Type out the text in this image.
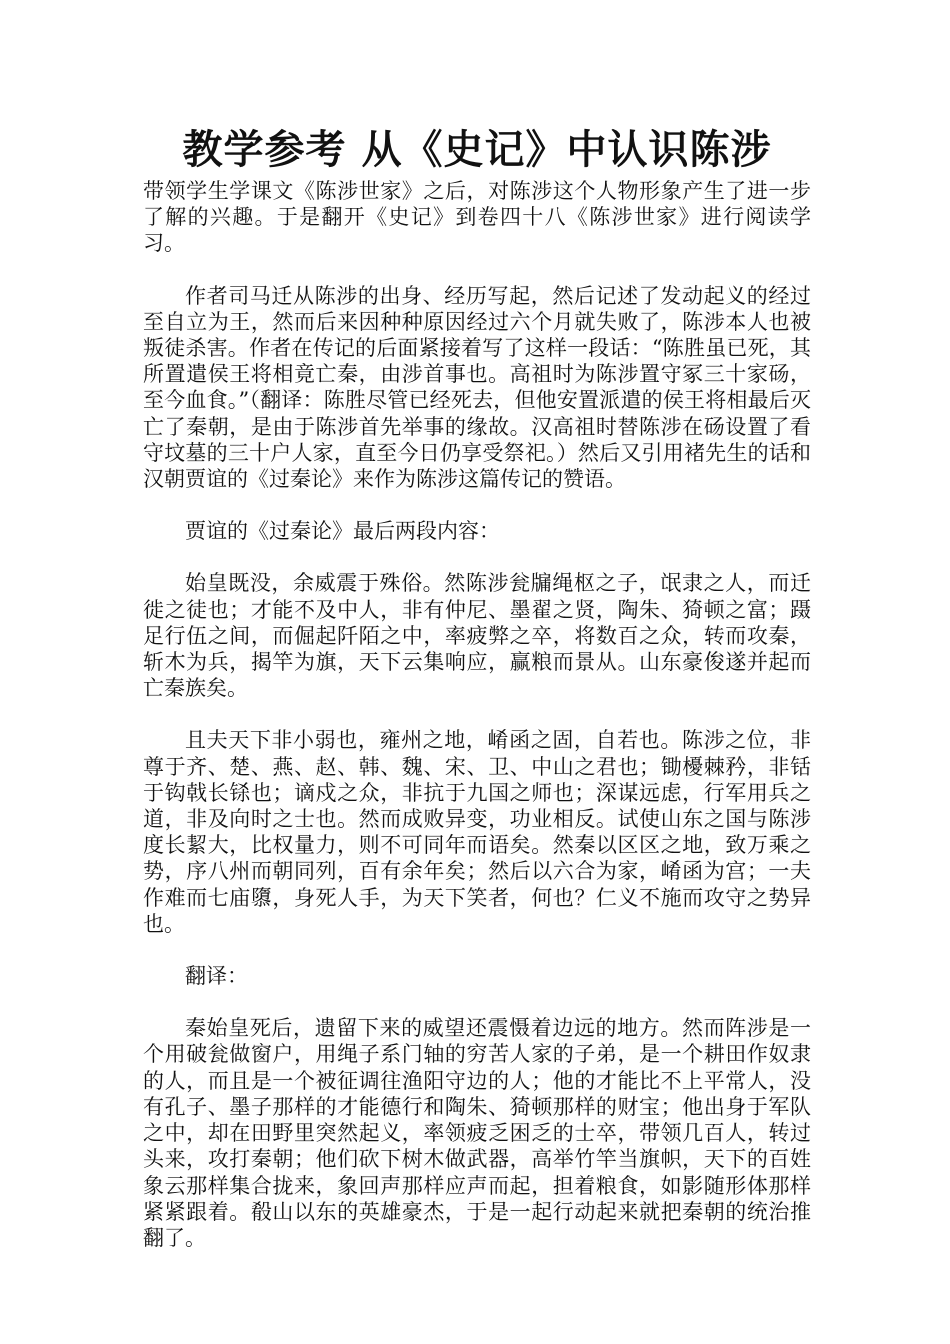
教学参考 从《史记》中认识陈涉

带领学生学课文《陈涉世家》之后，对陈涉这个人物形象产生了进一步了解的兴趣。于是翻开《史记》到卷四十八《陈涉世家》进行阅读学习。

作者司马迁从陈涉的出身、经历写起，然后记述了发动起义的经过至自立为王，然而后来因种种原因经过六个月就失败了，陈涉本人也被叛徒杀害。作者在传记的后面紧接着写了这样一段话：“陈胜虽已死，其所置遣侯王将相竟亡秦，由涉首事也。高祖时为陈涉置守冢三十家砀，至今血食。”（翻译：陈胜尽管已经死去，但他安置派遣的侯王将相最后灭亡了秦朝，是由于陈涉首先举事的缘故。汉高祖时替陈涉在砀设置了看守坟墓的三十户人家，直至今日仍享受祭祀。）然后又引用褚先生的话和汉朝贾谊的《过秦论》来作为陈涉这篇传记的赞语。

贾谊的《过秦论》最后两段内容：

始皇既没，余威震于殊俗。然陈涉瓮牖绳枢之子，氓隶之人，而迁徙之徒也；才能不及中人，非有仲尼、墨翟之贤，陶朱、猗顿之富；蹑足行伍之间，而倔起阡陌之中，率疲弊之卒，将数百之众，转而攻秦，斩木为兵，揭竿为旗，天下云集响应，赢粮而景从。山东豪俊遂并起而亡秦族矣。

且夫天下非小弱也，雍州之地，崤函之固，自若也。陈涉之位，非尊于齐、楚、燕、赵、韩、魏、宋、卫、中山之君也；锄櫌棘矜，非铦于钩戟长铩也；谪戍之众，非抗于九国之师也；深谋远虑，行军用兵之道，非及向时之士也。然而成败异变，功业相反。试使山东之国与陈涉度长絜大，比权量力，则不可同年而语矣。然秦以区区之地，致万乘之势，序八州而朝同列，百有余年矣；然后以六合为家，崤函为宫；一夫作难而七庙隳，身死人手，为天下笑者，何也？仁义不施而攻守之势异也。

翻译：

秦始皇死后，遗留下来的威望还震慑着边远的地方。然而阵涉是一个用破瓮做窗户，用绳子系门轴的穷苦人家的子弟，是一个耕田作奴隶的人，而且是一个被征调往渔阳守边的人；他的才能比不上平常人，没有孔子、墨子那样的才能德行和陶朱、猗顿那样的财宝；他出身于军队之中，却在田野里突然起义，率领疲乏困乏的士卒，带领几百人，转过头来，攻打秦朝；他们砍下树木做武器，高举竹竿当旗帜，天下的百姓象云那样集合拢来，象回声那样应声而起，担着粮食，如影随形体那样紧紧跟着。殽山以东的英雄豪杰，于是一起行动起来就把秦朝的统治推翻了。
